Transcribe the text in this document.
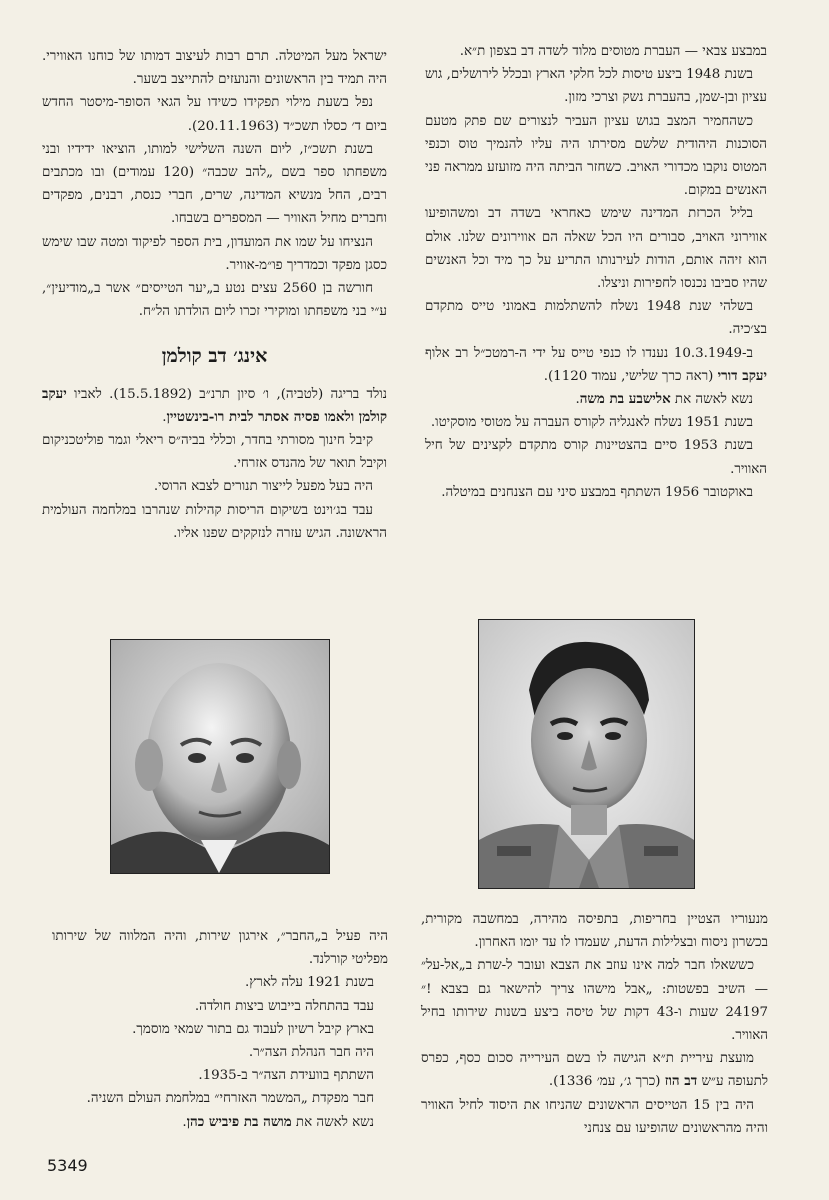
במבצע צבאי — העברת מטוסים מלוד לשדה דב בצפון ת״א.

בשנת 1948 ביצע טיסות לכל חלקי הארץ ובכלל לירושלים, גוש עציון ובן-שמן, בהעברת נשק וצרכי מזון.

כשהחמיר המצב בגוש עציון העביר לנצורים שם פתק מטעם הסוכנות היהודית שלשם מסירתו היה עליו להנמיך טוס וכנפי המטוס נוקבו מכדורי האויב. כשחזר הביתה היה מזועזע ממראה פני האנשים במקום.

בליל הכרזת המדינה שימש כאחראי בשדה דב ומשהופיעו אווירוני האויב, סבורים היו הכל שאלה הם אווירונים שלנו. אולם הוא זיהה אותם, הודות לעירנותו התריע על כך מיד וכל האנשים שהיו סביבו נכנסו לחפירות וניצלו.

בשלהי שנת 1948 נשלח להשתלמות באמוני טייס מתקדם בצ׳כיה.

ב-10.3.1949 נענדו לו כנפי טייס על ידי ה-רמטכ״ל רב אלוף יעקב דורי (ראה כרך שלישי, עמוד 1120).

נשא לאשה את אלישבע בת משה.

בשנת 1951 נשלח לאנגליה לקורס העברה על מטוסי מוסקיטו.

בשנת 1953 סיים בהצטיינות קורס מתקדם לקצינים של חיל האוויר.

באוקטובר 1956 השתתף במבצע סיני עם הצנחנים במיטלה.

ישראל מעל המיטלה. תרם רבות לעיצוב דמותו של כוחנו האווירי. היה תמיד בין הראשונים והנועזים להתייצב בשער.

נפל בשעת מילוי תפקידו כשידו על הגאי הסופר-מיסטר החדש ביום ד׳ כסלו תשכ״ד (20.11.1963).

בשנת תשכ״ז, ליום השנה השלישי למותו, הוציאו ידידיו ובני משפחתו ספר בשם „להב שכבה״ (120 עמודים) ובו מכתבים רבים, החל מנשיא המדינה, שרים, חברי כנסת, רבנים, מפקדים וחברים מחיל האוויר — המספרים בשבחו.

הנציחו על שמו את המועדון, בית הספר לפיקוד ומטה שבו שימש כסגן מפקד וכמדריך פו״מ-אוויר.

חורשה בן 2560 עצים נטע ב„יער הטייסים״ אשר ב„מודיעין״, ע״י בני משפחתו ומוקירי זכרו ליום הולדתו הל״ח.

אינג׳ דב קולמן

נולד בריגה (לטביה), ו׳ סיון תרנ״ב (15.5.1892). לאביו יעקב קולמן ולאמו פסיה אסתר לבית רו-בינשטיין.

קיבל חינוך מסורתי בחדר, וכללי בביה״ס ריאלי וגמר פוליטכניקום וקיבל תואר של מהנדס אזרחי.

היה בעל מפעל לייצור תנורים לצבא הרוסי.

עבד בג׳וינט בשיקום הריסות קהילות שנהרבו במלחמה העולמית הראשונה. הגיש עזרה לנזקקים שפנו אליו.

מנעוריו הצטיין בחריפות, בתפיסה מהירה, במחשבה מקורית, בכשרון ניסוח ובצלילות הדעת, שעמדו לו עד יומו האחרון.

כששאלו חבר למה אינו עוזב את הצבא ועובר ל-שרת ב„אל-על״ — השיב בפשטות: „אבל מישהו צריך להישאר גם בצבא !״ 24197 שעות ו-43 דקות של טיסה ביצע בשנות שירותו בחיל האוויר.

מועצת עיריית ת״א הגישה לו בשם העירייה סכום כסף, כפרס לתעופה ע״ש דב הוז (כרך ג׳, עמ׳ 1336).

היה בין 15 הטייסים הראשונים שהניחו את היסוד לחיל האוויר והיה מהראשונים שהופיעו עם צנחני

היה פעיל ב„החבר״, אירגון שירות, והיה המלווה של שירותו מפליטי קורלנד.

בשנת 1921 עלה לארץ.

עבד בהתחלה בייבוש ביצות חולדה.

בארץ קיבל רשיון לעבוד גם בתור שמאי מוסמך.

היה חבר הנהלת הצה״ר.

השתתף בוועידת הצה״ר ב-1935.

חבר מפקדת „המשמר האזרחי״ במלחמת העולם השניה.

נשא לאשה את מושה בת פיביש כהן.

5349
